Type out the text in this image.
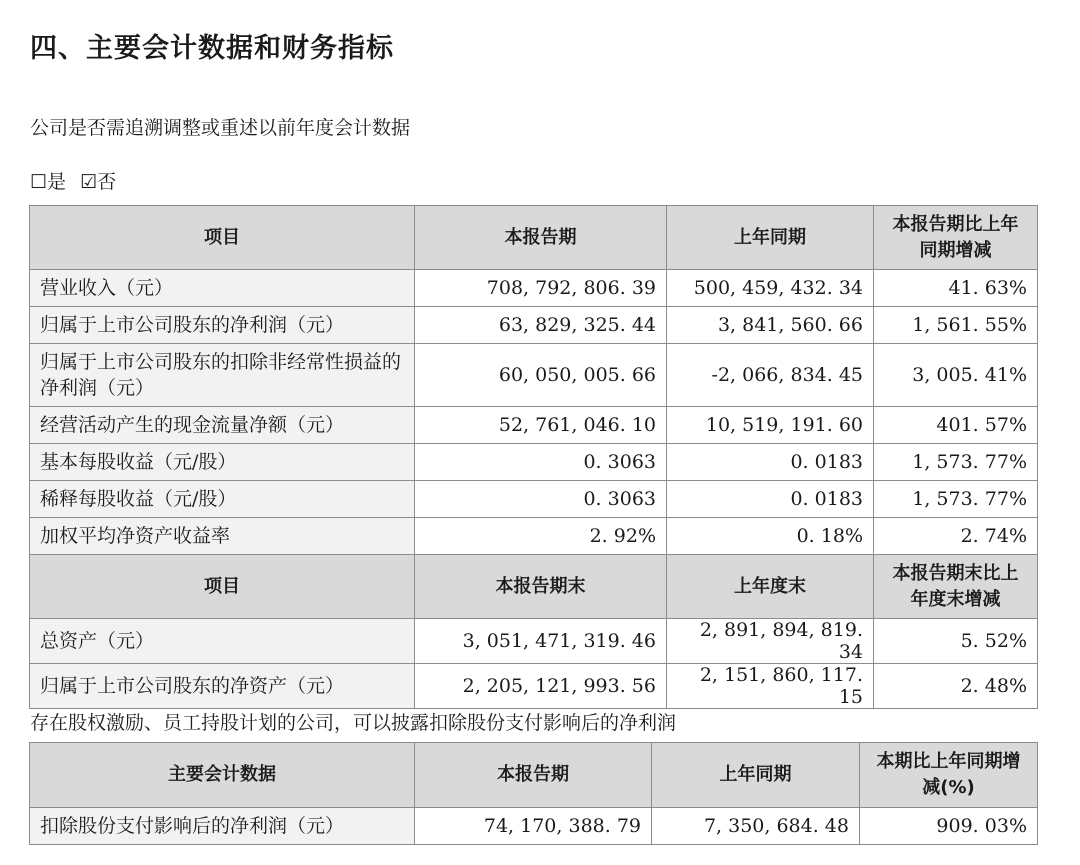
四、主要会计数据和财务指标

公司是否需追溯调整或重述以前年度会计数据

☐是 ☑否
项目	本报告期	上年同期	本报告期比上年同期增减
营业收入（元）	708, 792, 806. 39	500, 459, 432. 34	41. 63%
归属于上市公司股东的净利润（元）	63, 829, 325. 44	3, 841, 560. 66	1, 561. 55%
归属于上市公司股东的扣除非经常性损益的净利润（元）	60, 050, 005. 66	-2, 066, 834. 45	3, 005. 41%
经营活动产生的现金流量净额（元）	52, 761, 046. 10	10, 519, 191. 60	401. 57%
基本每股收益（元/股）	0. 3063	0. 0183	1, 573. 77%
稀释每股收益（元/股）	0. 3063	0. 0183	1, 573. 77%
加权平均净资产收益率	2. 92%	0. 18%	2. 74%
项目	本报告期末	上年度末	本报告期末比上年度末增减
总资产（元）	3, 051, 471, 319. 46	2, 891, 894, 819. 34	5. 52%
归属于上市公司股东的净资产（元）	2, 205, 121, 993. 56	2, 151, 860, 117. 15	2. 48%

存在股权激励、员工持股计划的公司，可以披露扣除股份支付影响后的净利润

主要会计数据	本报告期	上年同期	本期比上年同期增减(%)
扣除股份支付影响后的净利润（元）	74, 170, 388. 79	7, 350, 684. 48	909. 03%
